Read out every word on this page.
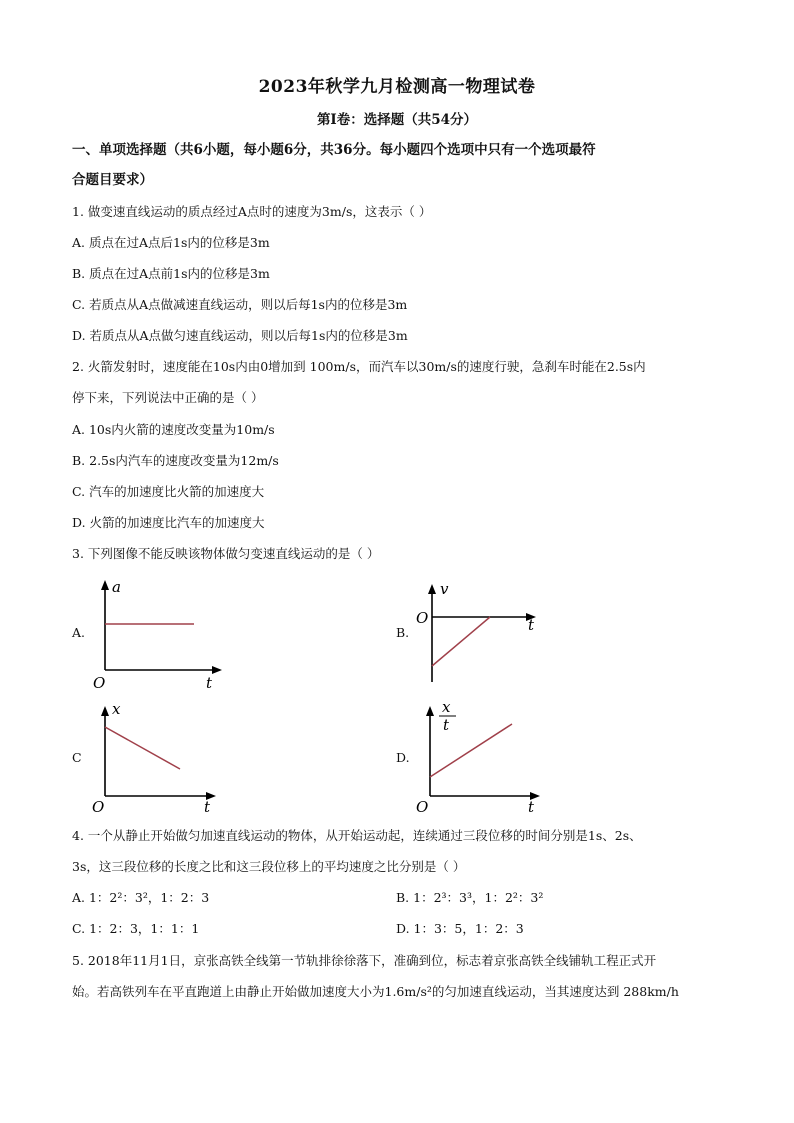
2023年秋学九月检测高一物理试卷
第I卷：选择题（共54分）
一、单项选择题（共6小题，每小题6分，共36分。每小题四个选项中只有一个选项最符
合题目要求）
1. 做变速直线运动的质点经过A点时的速度为3m/s，这表示（ ）
A. 质点在过A点后1s内的位移是3m
B. 质点在过A点前1s内的位移是3m
C. 若质点从A点做减速直线运动，则以后每1s内的位移是3m
D. 若质点从A点做匀速直线运动，则以后每1s内的位移是3m
2. 火箭发射时，速度能在10s内由0增加到 100m/s，而汽车以30m/s的速度行驶，急刹车时能在2.5s内
停下来，下列说法中正确的是（ ）
A. 10s内火箭的速度改变量为10m/s
B. 2.5s内汽车的速度改变量为12m/s
C. 汽车的加速度比火箭的加速度大
D. 火箭的加速度比汽车的加速度大
3. 下列图像不能反映该物体做匀变速直线运动的是（ ）
A.
a
t
O
B.
v
t
O
C
x
t
O
D.
x
t
t
O
4. 一个从静止开始做匀加速直线运动的物体，从开始运动起，连续通过三段位移的时间分别是1s、2s、
3s，这三段位移的长度之比和这三段位移上的平均速度之比分别是（ ）
A. 1：2²：3²，1：2：3	B. 1：2³：3³，1：2²：3²
C. 1：2：3，1：1：1	D. 1：3：5，1：2：3
5. 2018年11月1日，京张高铁全线第一节轨排徐徐落下，准确到位，标志着京张高铁全线铺轨工程正式开
始。若高铁列车在平直跑道上由静止开始做加速度大小为1.6m/s²的匀加速直线运动，当其速度达到 288km/h
